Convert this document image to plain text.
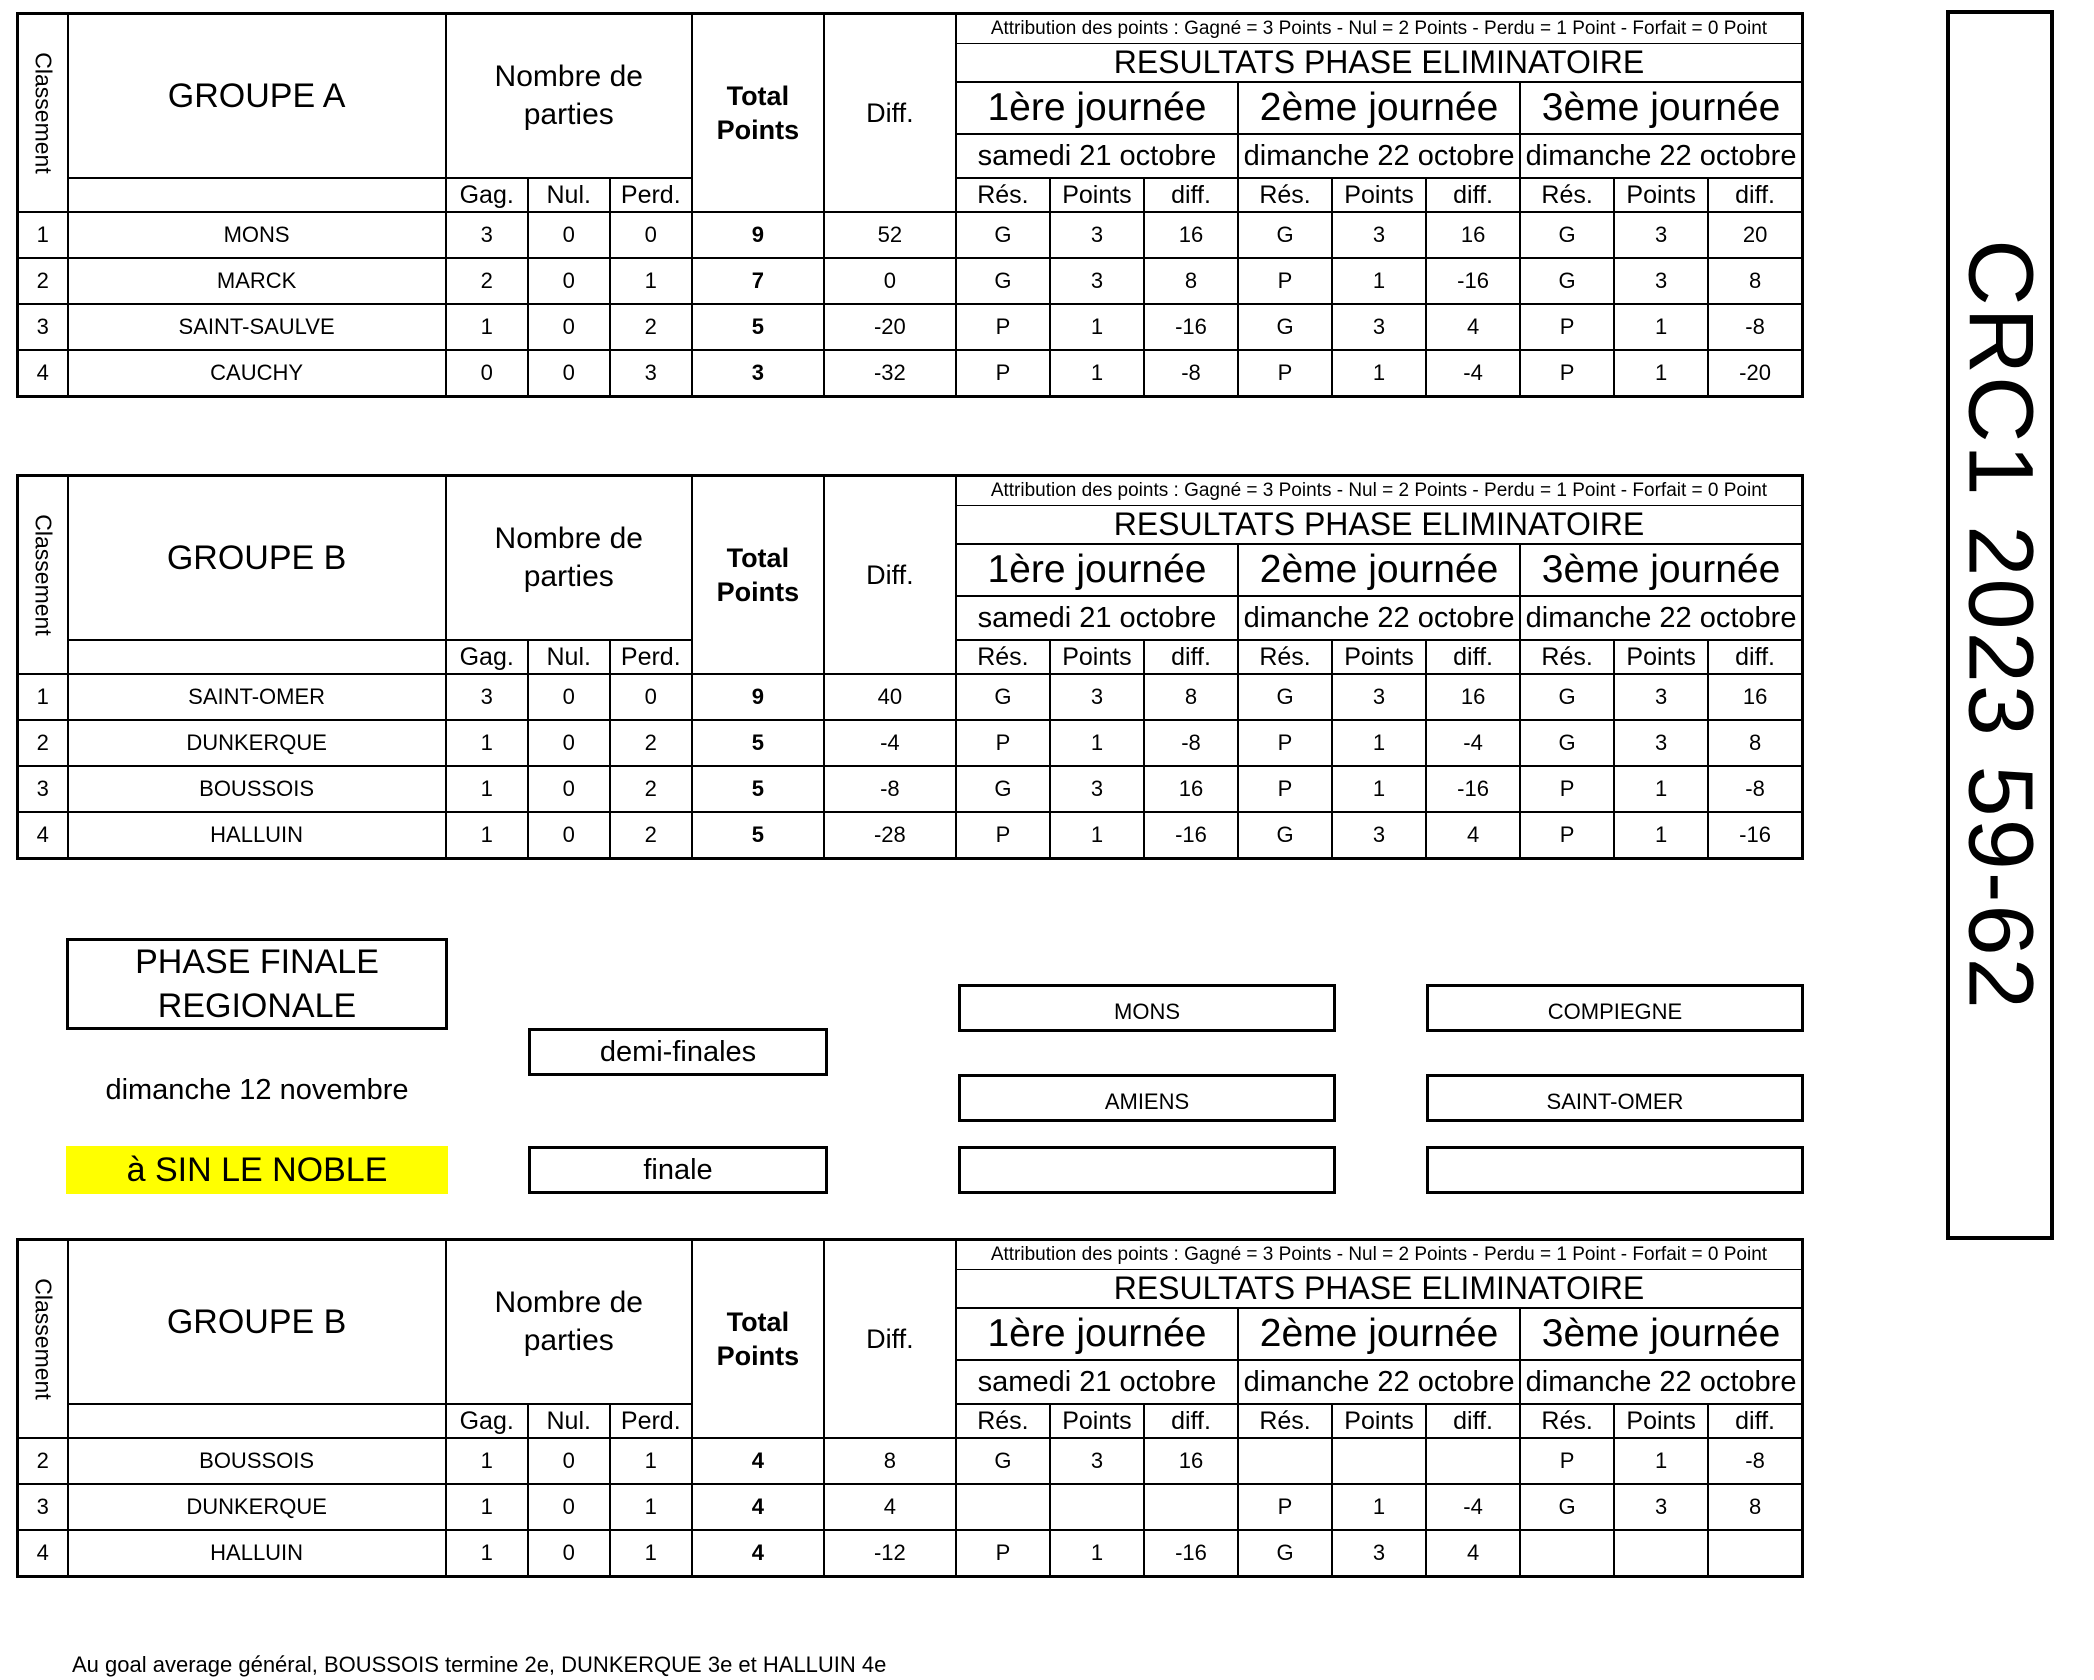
Classement	GROUPE A	Nombre de parties			Total Points	Diff.	Attribution des points : Gagné = 3 Points - Nul = 2 Points - Perdu = 1 Point - Forfait = 0 Point								
							RESULTATS PHASE ELIMINATOIRE								
							1ère journée			2ème journée			3ème journée		
							samedi 21 octobre			dimanche 22 octobre			dimanche 22 octobre		

		Gag.	Nul.	Perd.			Rés.	Points	diff.	Rés.	Points	diff.	Rés.	Points	diff.
1	MONS	3	0	0	9	52	G	3	16	G	3	16	G	3	20
2	MARCK	2	0	1	7	0	G	3	8	P	1	-16	G	3	8
3	SAINT-SAULVE	1	0	2	5	-20	P	1	-16	G	3	4	P	1	-8
4	CAUCHY	0	0	3	3	-32	P	1	-8	P	1	-4	P	1	-20
Classement	GROUPE B	Nombre de parties			Total Points	Diff.	Attribution des points : Gagné = 3 Points - Nul = 2 Points - Perdu = 1 Point - Forfait = 0 Point								
							RESULTATS PHASE ELIMINATOIRE								
							1ère journée			2ème journée			3ème journée		
							samedi 21 octobre			dimanche 22 octobre			dimanche 22 octobre		

		Gag.	Nul.	Perd.			Rés.	Points	diff.	Rés.	Points	diff.	Rés.	Points	diff.
1	SAINT-OMER	3	0	0	9	40	G	3	8	G	3	16	G	3	16
2	DUNKERQUE	1	0	2	5	-4	P	1	-8	P	1	-4	G	3	8
3	BOUSSOIS	1	0	2	5	-8	G	3	16	P	1	-16	P	1	-8
4	HALLUIN	1	0	2	5	-28	P	1	-16	G	3	4	P	1	-16
Classement	GROUPE B	Nombre de parties			Total Points	Diff.	Attribution des points : Gagné = 3 Points - Nul = 2 Points - Perdu = 1 Point - Forfait = 0 Point								
							RESULTATS PHASE ELIMINATOIRE								
							1ère journée			2ème journée			3ème journée		
							samedi 21 octobre			dimanche 22 octobre			dimanche 22 octobre		

		Gag.	Nul.	Perd.			Rés.	Points	diff.	Rés.	Points	diff.	Rés.	Points	diff.
2	BOUSSOIS	1	0	1	4	8	G	3	16				P	1	-8
3	DUNKERQUE	1	0	1	4	4				P	1	-4	G	3	8
4	HALLUIN	1	0	1	4	-12	P	1	-16	G	3	4			
PHASE FINALE
REGIONALE
dimanche 12 novembre
à SIN LE NOBLE
demi-finales
finale
MONS	COMPIEGNE
AMIENS	SAINT-OMER
CRC1 2023 59-62
Au goal average général, BOUSSOIS termine 2e, DUNKERQUE 3e et HALLUIN 4e
